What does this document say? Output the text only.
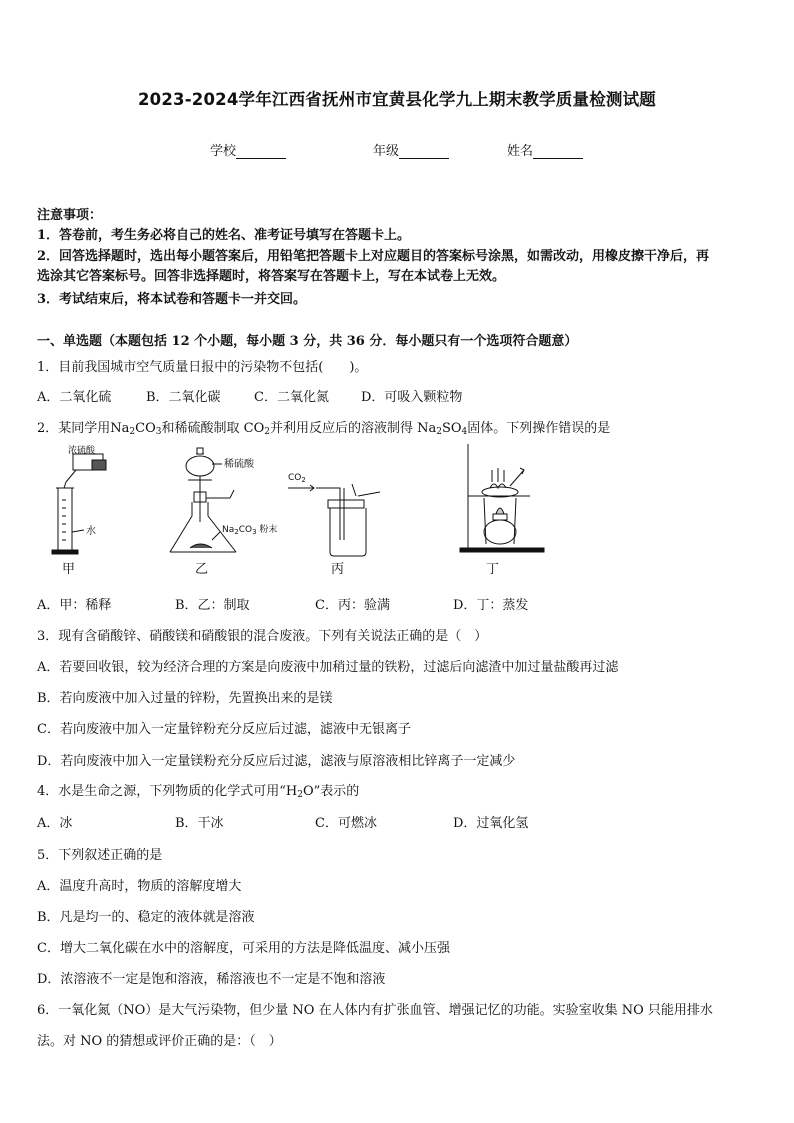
2023-2024学年江西省抚州市宜黄县化学九上期末教学质量检测试题
学校	年级	姓名
注意事项：
1．答卷前，考生务必将自己的姓名、准考证号填写在答题卡上。
2．回答选择题时，选出每小题答案后，用铅笔把答题卡上对应题目的答案标号涂黑，如需改动，用橡皮擦干净后，再
选涂其它答案标号。回答非选择题时，将答案写在答题卡上，写在本试卷上无效。
3．考试结束后，将本试卷和答题卡一并交回。
一、单选题（本题包括 12 个小题，每小题 3 分，共 36 分．每小题只有一个选项符合题意）
1．目前我国城市空气质量日报中的污染物不包括(　　)。
A．二氧化硫	B．二氧化碳	C．二氧化氮 D．可吸入颗粒物
2．某同学用$Na_2CO_3$和稀硫酸制取 $CO_2$并利用反应后的溶液制得 $Na_2SO_4$固体。下列操作错误的是
浓硫酸
水
稀硫酸
$Na_2CO_3$ 粉末
$CO_2$
甲	乙	丙	丁
A．甲：稀释	B．乙：制取	C．丙：验满	D．丁：蒸发
3．现有含硝酸锌、硝酸镁和硝酸银的混合废液。下列有关说法正确的是（　）
A．若要回收银，较为经济合理的方案是向废液中加稍过量的铁粉，过滤后向滤渣中加过量盐酸再过滤
B．若向废液中加入过量的锌粉，先置换出来的是镁
C．若向废液中加入一定量锌粉充分反应后过滤，滤液中无银离子
D．若向废液中加入一定量镁粉充分反应后过滤，滤液与原溶液相比锌离子一定减少
4．水是生命之源，下列物质的化学式可用“$H_2O$”表示的
A．冰	B．干冰	C．可燃冰	D．过氧化氢
5．下列叙述正确的是
A．温度升高时，物质的溶解度增大
B．凡是均一的、稳定的液体就是溶液
C．增大二氧化碳在水中的溶解度，可采用的方法是降低温度、减小压强
D．浓溶液不一定是饱和溶液，稀溶液也不一定是不饱和溶液
6．一氧化氮（NO）是大气污染物，但少量 NO 在人体内有扩张血管、增强记忆的功能。实验室收集 NO 只能用排水
法。对 NO 的猜想或评价正确的是：（　）
